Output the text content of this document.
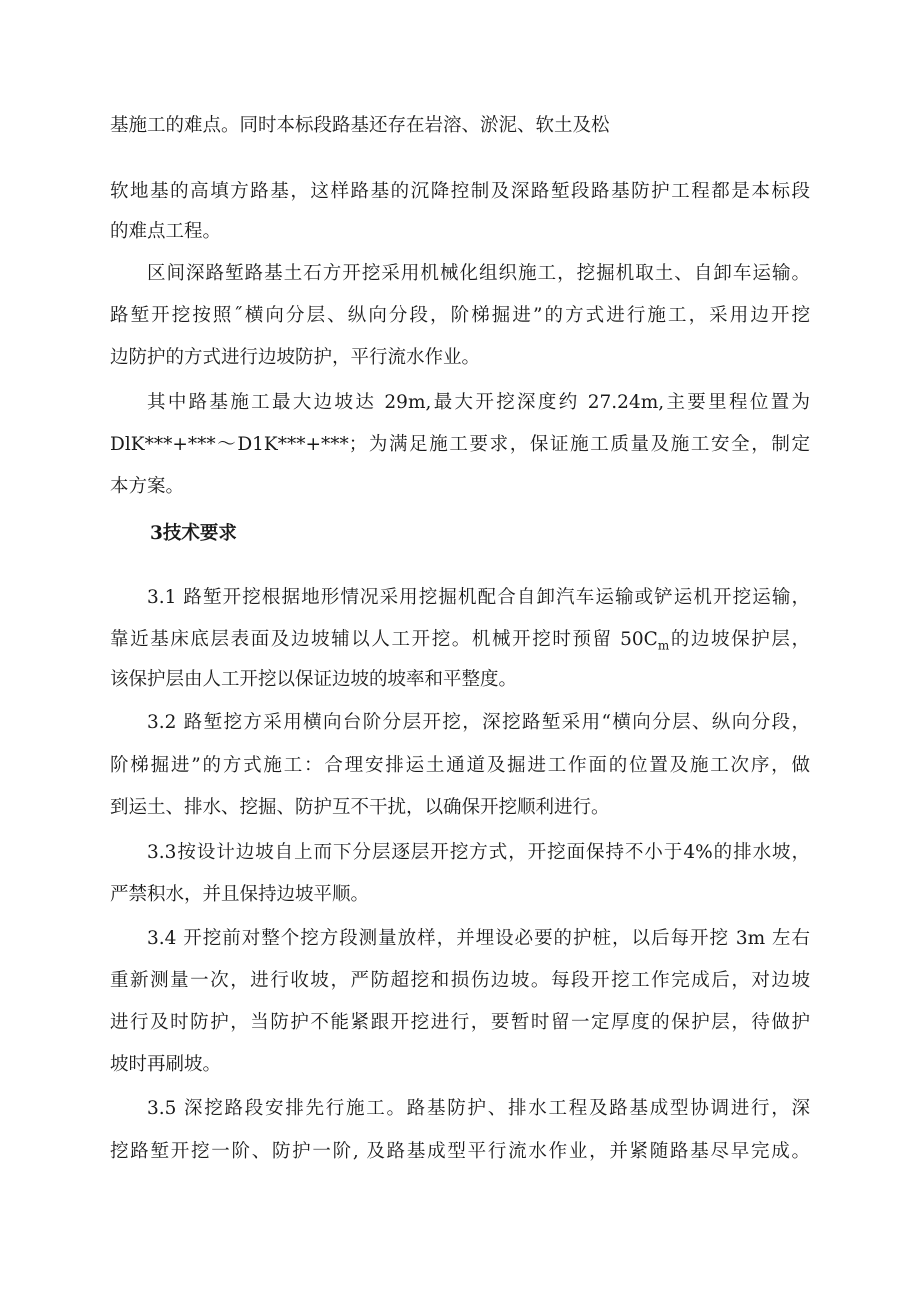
基施工的难点。同时本标段路基还存在岩溶、淤泥、软土及松
软地基的高填方路基，这样路基的沉降控制及深路堑段路基防护工程都是本标段
的难点工程。
区间深路堑路基土石方开挖采用机械化组织施工，挖掘机取土、自卸车运输。
路堑开挖按照˝横向分层、纵向分段，阶梯掘进”的方式进行施工，采用边开挖
边防护的方式进行边坡防护，平行流水作业。
其中路基施工最大边坡达 29m,最大开挖深度约 27.24m,主要里程位置为
DlK***+***～D1K***+***；为满足施工要求，保证施工质量及施工安全，制定
本方案。
3技术要求
3.1 路堑开挖根据地形情况采用挖掘机配合自卸汽车运输或铲运机开挖运输，
靠近基床底层表面及边坡辅以人工开挖。机械开挖时预留 $50C_m$的边坡保护层，
该保护层由人工开挖以保证边坡的坡率和平整度。
3.2 路堑挖方采用横向台阶分层开挖，深挖路堑采用“横向分层、纵向分段，
阶梯掘进”的方式施工：合理安排运土通道及掘进工作面的位置及施工次序，做
到运土、排水、挖掘、防护互不干扰，以确保开挖顺利进行。
3.3按设计边坡自上而下分层逐层开挖方式，开挖面保持不小于4%的排水坡，
严禁积水，并且保持边坡平顺。
3.4 开挖前对整个挖方段测量放样，并埋设必要的护桩，以后每开挖 3m 左右
重新测量一次，进行收坡，严防超挖和损伤边坡。每段开挖工作完成后，对边坡
进行及时防护，当防护不能紧跟开挖进行，要暂时留一定厚度的保护层，待做护
坡时再刷坡。
3.5 深挖路段安排先行施工。路基防护、排水工程及路基成型协调进行，深
挖路堑开挖一阶、防护一阶, 及路基成型平行流水作业，并紧随路基尽早完成。
